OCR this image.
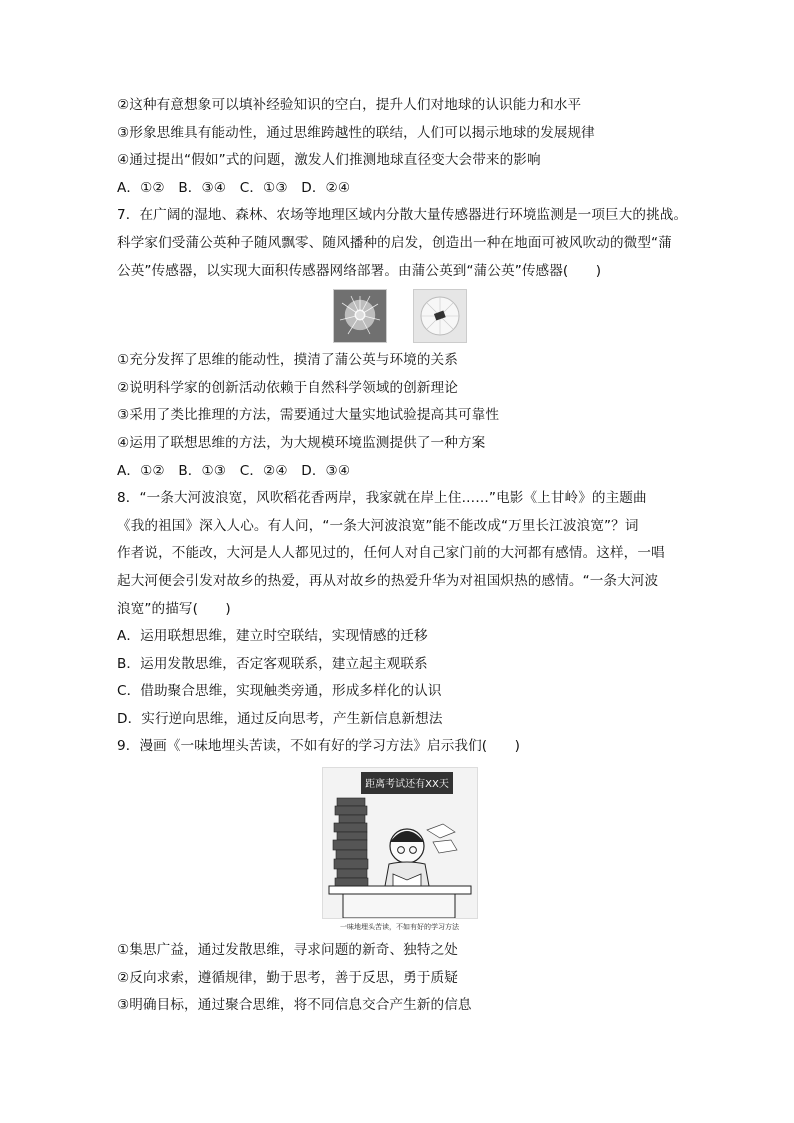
②这种有意想象可以填补经验知识的空白，提升人们对地球的认识能力和水平
③形象思维具有能动性，通过思维跨越性的联结，人们可以揭示地球的发展规律
④通过提出“假如”式的问题，激发人们推测地球直径变大会带来的影响
A．①②　B．③④　C．①③　D．②④
7．在广阔的湿地、森林、农场等地理区域内分散大量传感器进行环境监测是一项巨大的挑战。
科学家们受蒲公英种子随风飘零、随风播种的启发，创造出一种在地面可被风吹动的微型“蒲
公英”传感器，以实现大面积传感器网络部署。由蒲公英到“蒲公英”传感器(　　)
①充分发挥了思维的能动性，摸清了蒲公英与环境的关系
②说明科学家的创新活动依赖于自然科学领域的创新理论
③采用了类比推理的方法，需要通过大量实地试验提高其可靠性
④运用了联想思维的方法，为大规模环境监测提供了一种方案
A．①②　B．①③　C．②④　D．③④
8．“一条大河波浪宽，风吹稻花香两岸，我家就在岸上住……”电影《上甘岭》的主题曲
《我的祖国》深入人心。有人问，“一条大河波浪宽”能不能改成“万里长江波浪宽”？词
作者说，不能改，大河是人人都见过的，任何人对自己家门前的大河都有感情。这样，一唱
起大河便会引发对故乡的热爱，再从对故乡的热爱升华为对祖国炽热的感情。“一条大河波
浪宽”的描写(　　)
A．运用联想思维，建立时空联结，实现情感的迁移
B．运用发散思维，否定客观联系，建立起主观联系
C．借助聚合思维，实现触类旁通，形成多样化的认识
D．实行逆向思维，通过反向思考，产生新信息新想法
9．漫画《一味地埋头苦读，不如有好的学习方法》启示我们(　　)
距离考试还有XX天
一味地埋头苦读，不如有好的学习方法
①集思广益，通过发散思维，寻求问题的新奇、独特之处
②反向求索，遵循规律，勤于思考，善于反思，勇于质疑
③明确目标，通过聚合思维，将不同信息交合产生新的信息
